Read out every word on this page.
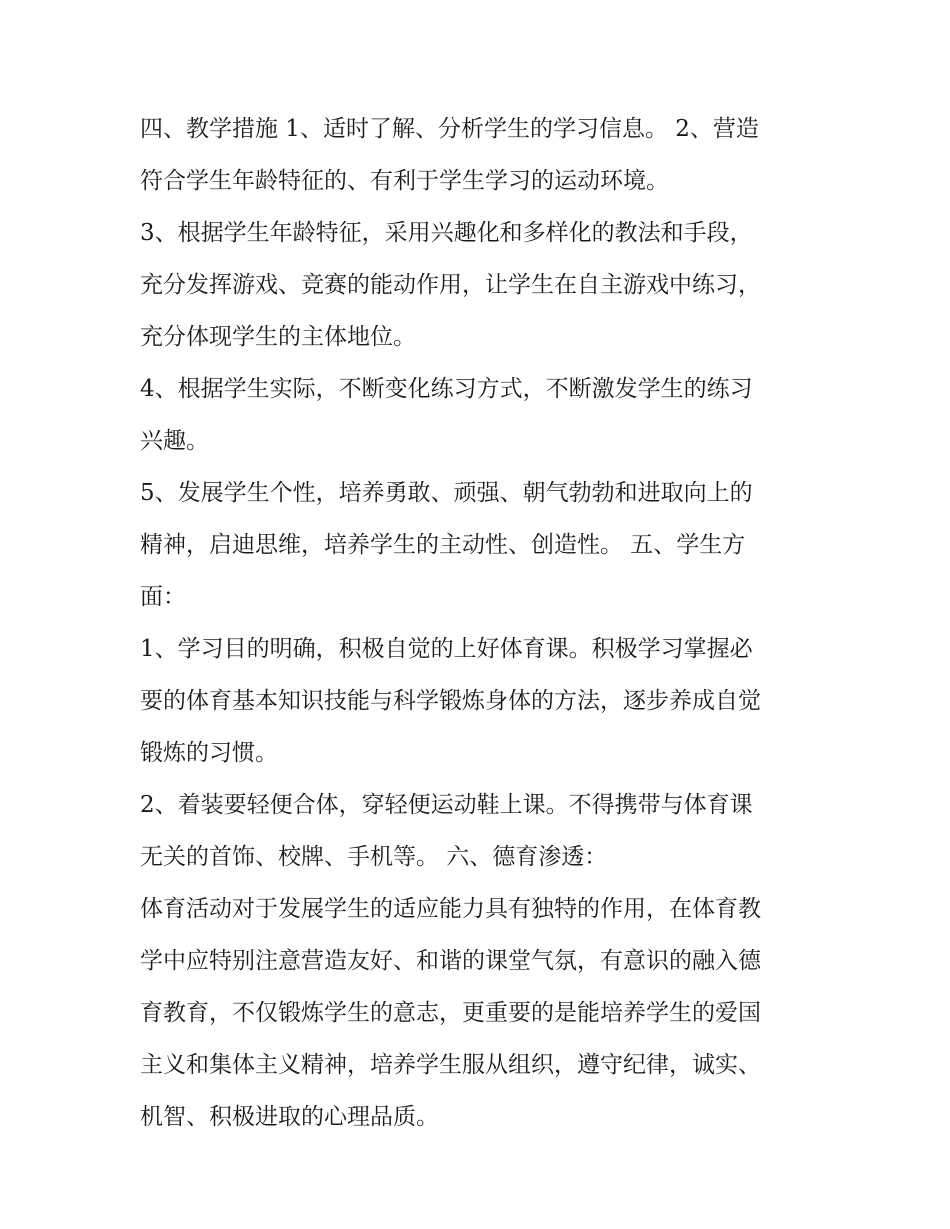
四、教学措施 1、适时了解、分析学生的学习信息。 2、营造
符合学生年龄特征的、有利于学生学习的运动环境。
3、根据学生年龄特征，采用兴趣化和多样化的教法和手段，
充分发挥游戏、竞赛的能动作用，让学生在自主游戏中练习，
充分体现学生的主体地位。
4、根据学生实际，不断变化练习方式，不断激发学生的练习
兴趣。
5、发展学生个性，培养勇敢、顽强、朝气勃勃和进取向上的
精神，启迪思维，培养学生的主动性、创造性。 五、学生方
面：
1、学习目的明确，积极自觉的上好体育课。积极学习掌握必
要的体育基本知识技能与科学锻炼身体的方法，逐步养成自觉
锻炼的习惯。
2、着装要轻便合体，穿轻便运动鞋上课。不得携带与体育课
无关的首饰、校牌、手机等。 六、德育渗透：
体育活动对于发展学生的适应能力具有独特的作用，在体育教
学中应特别注意营造友好、和谐的课堂气氛，有意识的融入德
育教育，不仅锻炼学生的意志，更重要的是能培养学生的爱国
主义和集体主义精神，培养学生服从组织，遵守纪律，诚实、
机智、积极进取的心理品质。
